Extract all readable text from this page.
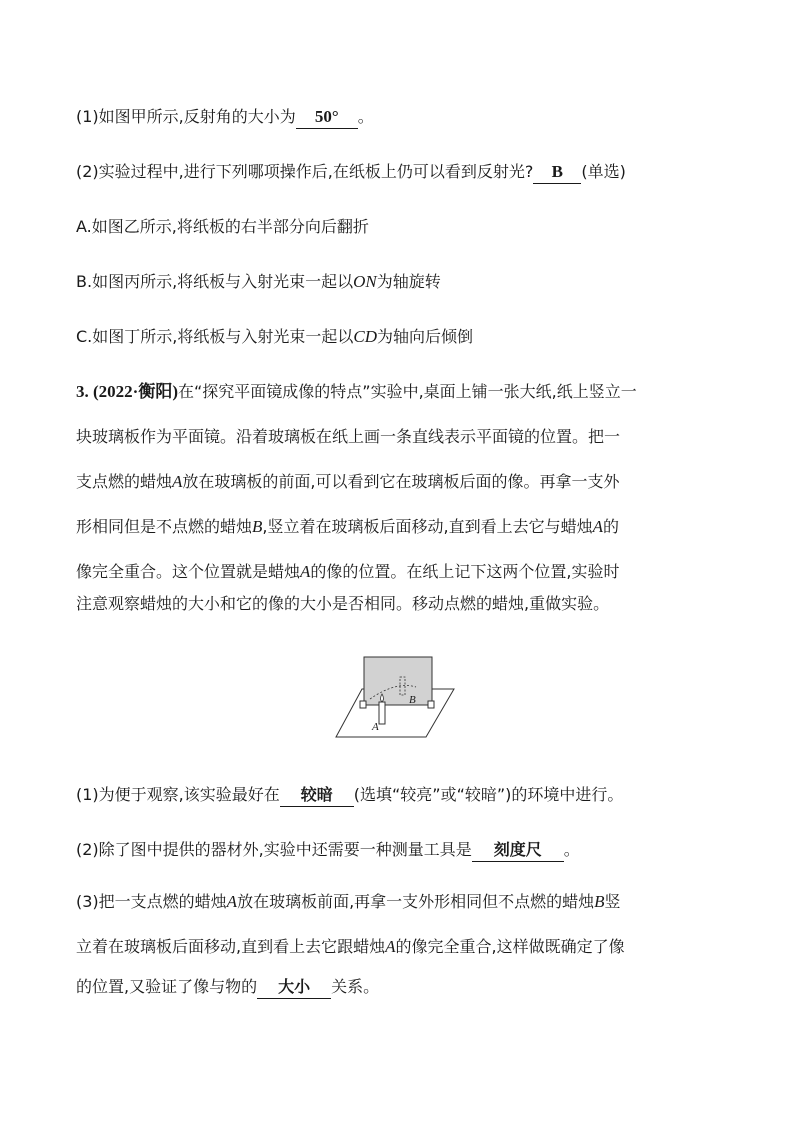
(1)如图甲所示,反射角的大小为 50° 。
(2)实验过程中,进行下列哪项操作后,在纸板上仍可以看到反射光? B (单选)
A.如图乙所示,将纸板的右半部分向后翻折
B.如图丙所示,将纸板与入射光束一起以ON为轴旋转
C.如图丁所示,将纸板与入射光束一起以CD为轴向后倾倒
3. (2022·衡阳)在“探究平面镜成像的特点”实验中,桌面上铺一张大纸,纸上竖立一
块玻璃板作为平面镜。沿着玻璃板在纸上画一条直线表示平面镜的位置。把一
支点燃的蜡烛A放在玻璃板的前面,可以看到它在玻璃板后面的像。再拿一支外
形相同但是不点燃的蜡烛B,竖立着在玻璃板后面移动,直到看上去它与蜡烛A的
像完全重合。这个位置就是蜡烛A的像的位置。在纸上记下这两个位置,实验时
注意观察蜡烛的大小和它的像的大小是否相同。移动点燃的蜡烛,重做实验。
A
B
(1)为便于观察,该实验最好在 较暗 (选填“较亮”或“较暗”)的环境中进行。
(2)除了图中提供的器材外,实验中还需要一种测量工具是 刻度尺 。
(3)把一支点燃的蜡烛A放在玻璃板前面,再拿一支外形相同但不点燃的蜡烛B竖
立着在玻璃板后面移动,直到看上去它跟蜡烛A的像完全重合,这样做既确定了像
的位置,又验证了像与物的 大小 关系。
